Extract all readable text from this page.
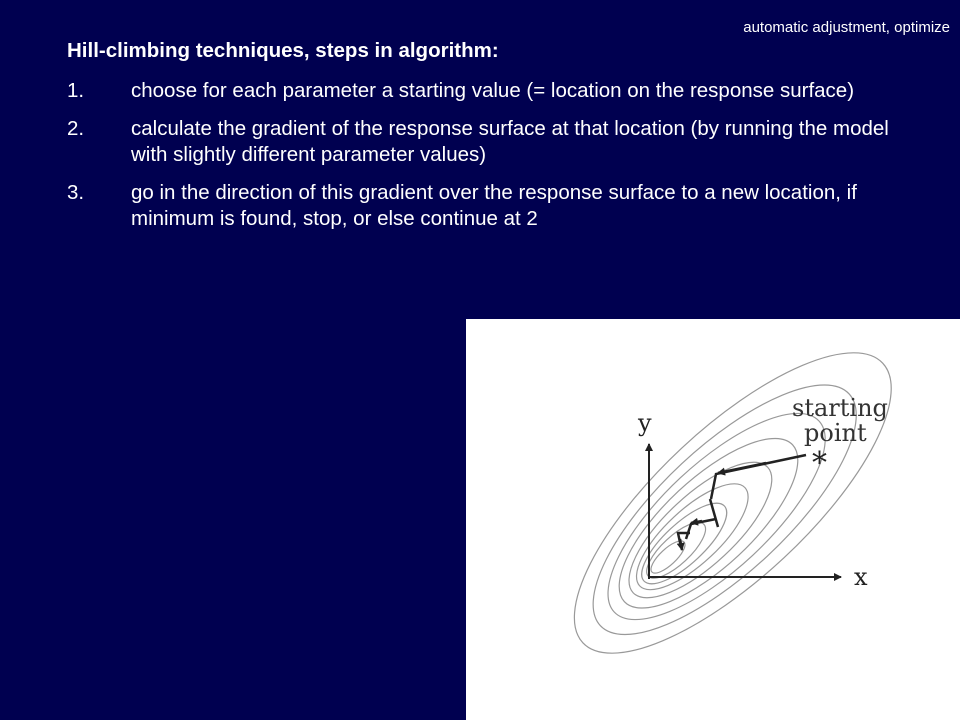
automatic adjustment, optimize
Hill-climbing techniques, steps in algorithm:
1.	choose for each parameter a starting value (= location on the response surface)
2.	calculate the gradient of the response surface at that location (by running the model with slightly different parameter values)
3.	go in the direction of this gradient over the response surface to a new location, if minimum is found, stop, or else continue at 2
y
x
*
starting
point
